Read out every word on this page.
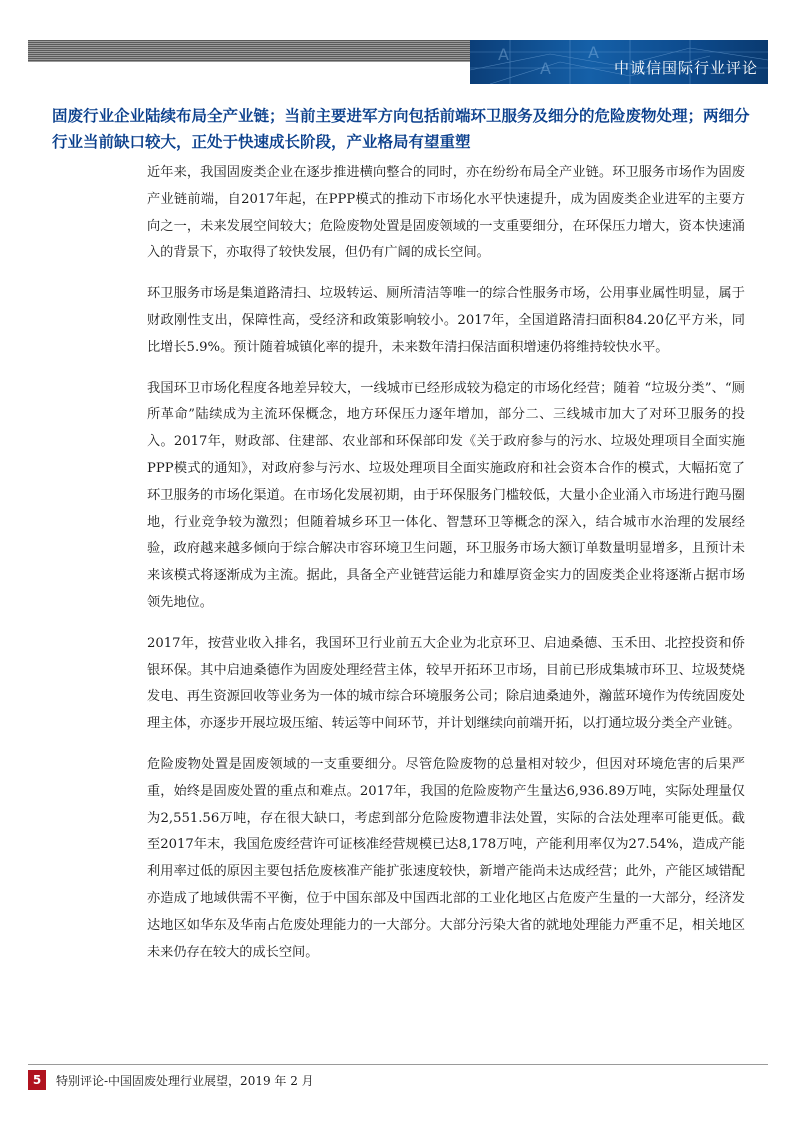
A
A
A
中诚信国际行业评论
固废行业企业陆续布局全产业链；当前主要进军方向包括前端环卫服务及细分的危险废物处理；两细分行业当前缺口较大，正处于快速成长阶段，产业格局有望重塑

近年来，我国固废类企业在逐步推进横向整合的同时，亦在纷纷布局全产业链。环卫服务市场作为固废产业链前端，自2017年起，在PPP模式的推动下市场化水平快速提升，成为固废类企业进军的主要方向之一，未来发展空间较大；危险废物处置是固废领域的一支重要细分，在环保压力增大，资本快速涌入的背景下，亦取得了较快发展，但仍有广阔的成长空间。

环卫服务市场是集道路清扫、垃圾转运、厕所清洁等唯一的综合性服务市场，公用事业属性明显，属于财政刚性支出，保障性高，受经济和政策影响较小。2017年，全国道路清扫面积84.20亿平方米，同比增长5.9%。预计随着城镇化率的提升，未来数年清扫保洁面积增速仍将维持较快水平。

我国环卫市场化程度各地差异较大，一线城市已经形成较为稳定的市场化经营；随着 “垃圾分类”、“厕所革命”陆续成为主流环保概念，地方环保压力逐年增加，部分二、三线城市加大了对环卫服务的投入。2017年，财政部、住建部、农业部和环保部印发《关于政府参与的污水、垃圾处理项目全面实施PPP模式的通知》，对政府参与污水、垃圾处理项目全面实施政府和社会资本合作的模式，大幅拓宽了环卫服务的市场化渠道。在市场化发展初期，由于环保服务门槛较低，大量小企业涌入市场进行跑马圈地，行业竞争较为激烈；但随着城乡环卫一体化、智慧环卫等概念的深入，结合城市水治理的发展经验，政府越来越多倾向于综合解决市容环境卫生问题，环卫服务市场大额订单数量明显增多，且预计未来该模式将逐渐成为主流。据此，具备全产业链营运能力和雄厚资金实力的固废类企业将逐渐占据市场领先地位。

2017年，按营业收入排名，我国环卫行业前五大企业为北京环卫、启迪桑德、玉禾田、北控投资和侨银环保。其中启迪桑德作为固废处理经营主体，较早开拓环卫市场，目前已形成集城市环卫、垃圾焚烧发电、再生资源回收等业务为一体的城市综合环境服务公司；除启迪桑迪外，瀚蓝环境作为传统固废处理主体，亦逐步开展垃圾压缩、转运等中间环节，并计划继续向前端开拓，以打通垃圾分类全产业链。

危险废物处置是固废领域的一支重要细分。尽管危险废物的总量相对较少，但因对环境危害的后果严重，始终是固废处置的重点和难点。2017年，我国的危险废物产生量达6,936.89万吨，实际处理量仅为2,551.56万吨，存在很大缺口，考虑到部分危险废物遭非法处置，实际的合法处理率可能更低。截至2017年末，我国危废经营许可证核准经营规模已达8,178万吨，产能利用率仅为27.54%，造成产能利用率过低的原因主要包括危废核准产能扩张速度较快，新增产能尚未达成经营；此外，产能区域错配亦造成了地域供需不平衡，位于中国东部及中国西北部的工业化地区占危废产生量的一大部分，经济发达地区如华东及华南占危废处理能力的一大部分。大部分污染大省的就地处理能力严重不足，相关地区未来仍存在较大的成长空间。

5	特别评论-中国固废处理行业展望，2019 年 2 月
